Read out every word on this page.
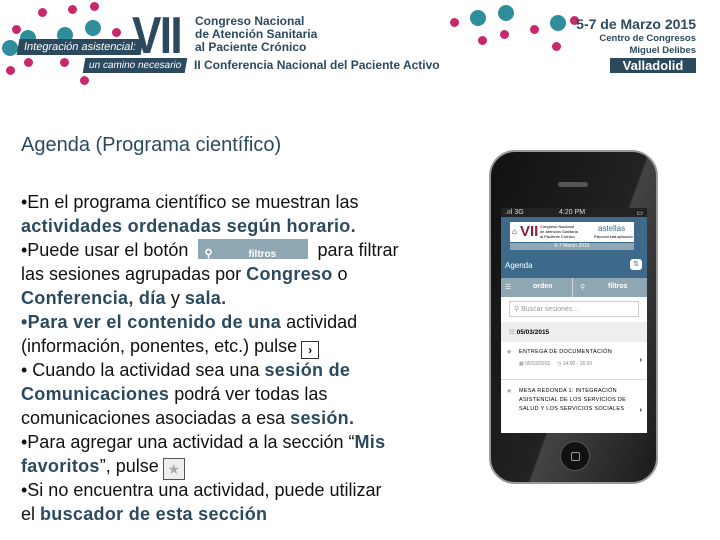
Integración asistencial:
un camino necesario
VII Congreso Nacional
de Atención Sanitaria
al Paciente Crónico
II Conferencia Nacional del Paciente Activo
5-7 de Marzo 2015
Centro de Congresos
Miguel Delibes
Valladolid
Agenda (Programa científico)
•En el programa científico se muestran las
actividades ordenadas según horario.
•Puede usar el botón ⚲	filtros para filtrar
las sesiones agrupadas por Congreso o
Conferencia, día y sala.
•Para ver el contenido de una actividad
(información, ponentes, etc.) pulse ›
• Cuando la actividad sea una sesión de
Comunicaciones podrá ver todas las
comunicaciones asociadas a esa sesión.
•Para agregar una actividad a la sección “Mis
favoritos”, pulse ★
•Si no encuentra una actividad, puede utilizar
el buscador de esta sección
.ııl 3G	4:20 PM	▭
⌂ VII Congreso Nacional
de Atención Sanitaria
al Paciente Crónico
astellas
Patrocina esta aplicación
5-7 Marzo 2015
Agenda	⇅
☰	orden	⚲	filtros
⚲ Buscar sesiones...
☷ 05/03/2015
★ ENTREGA DE DOCUMENTACIÓN
▦ 05/03/2015 ◷ 14:00 - 16:00	›
★ MESA REDONDA 1: INTEGRACIÓN ASISTENCIAL DE LOS SERVICIOS DE SALUD Y LOS SERVICIOS SOCIALES	›
